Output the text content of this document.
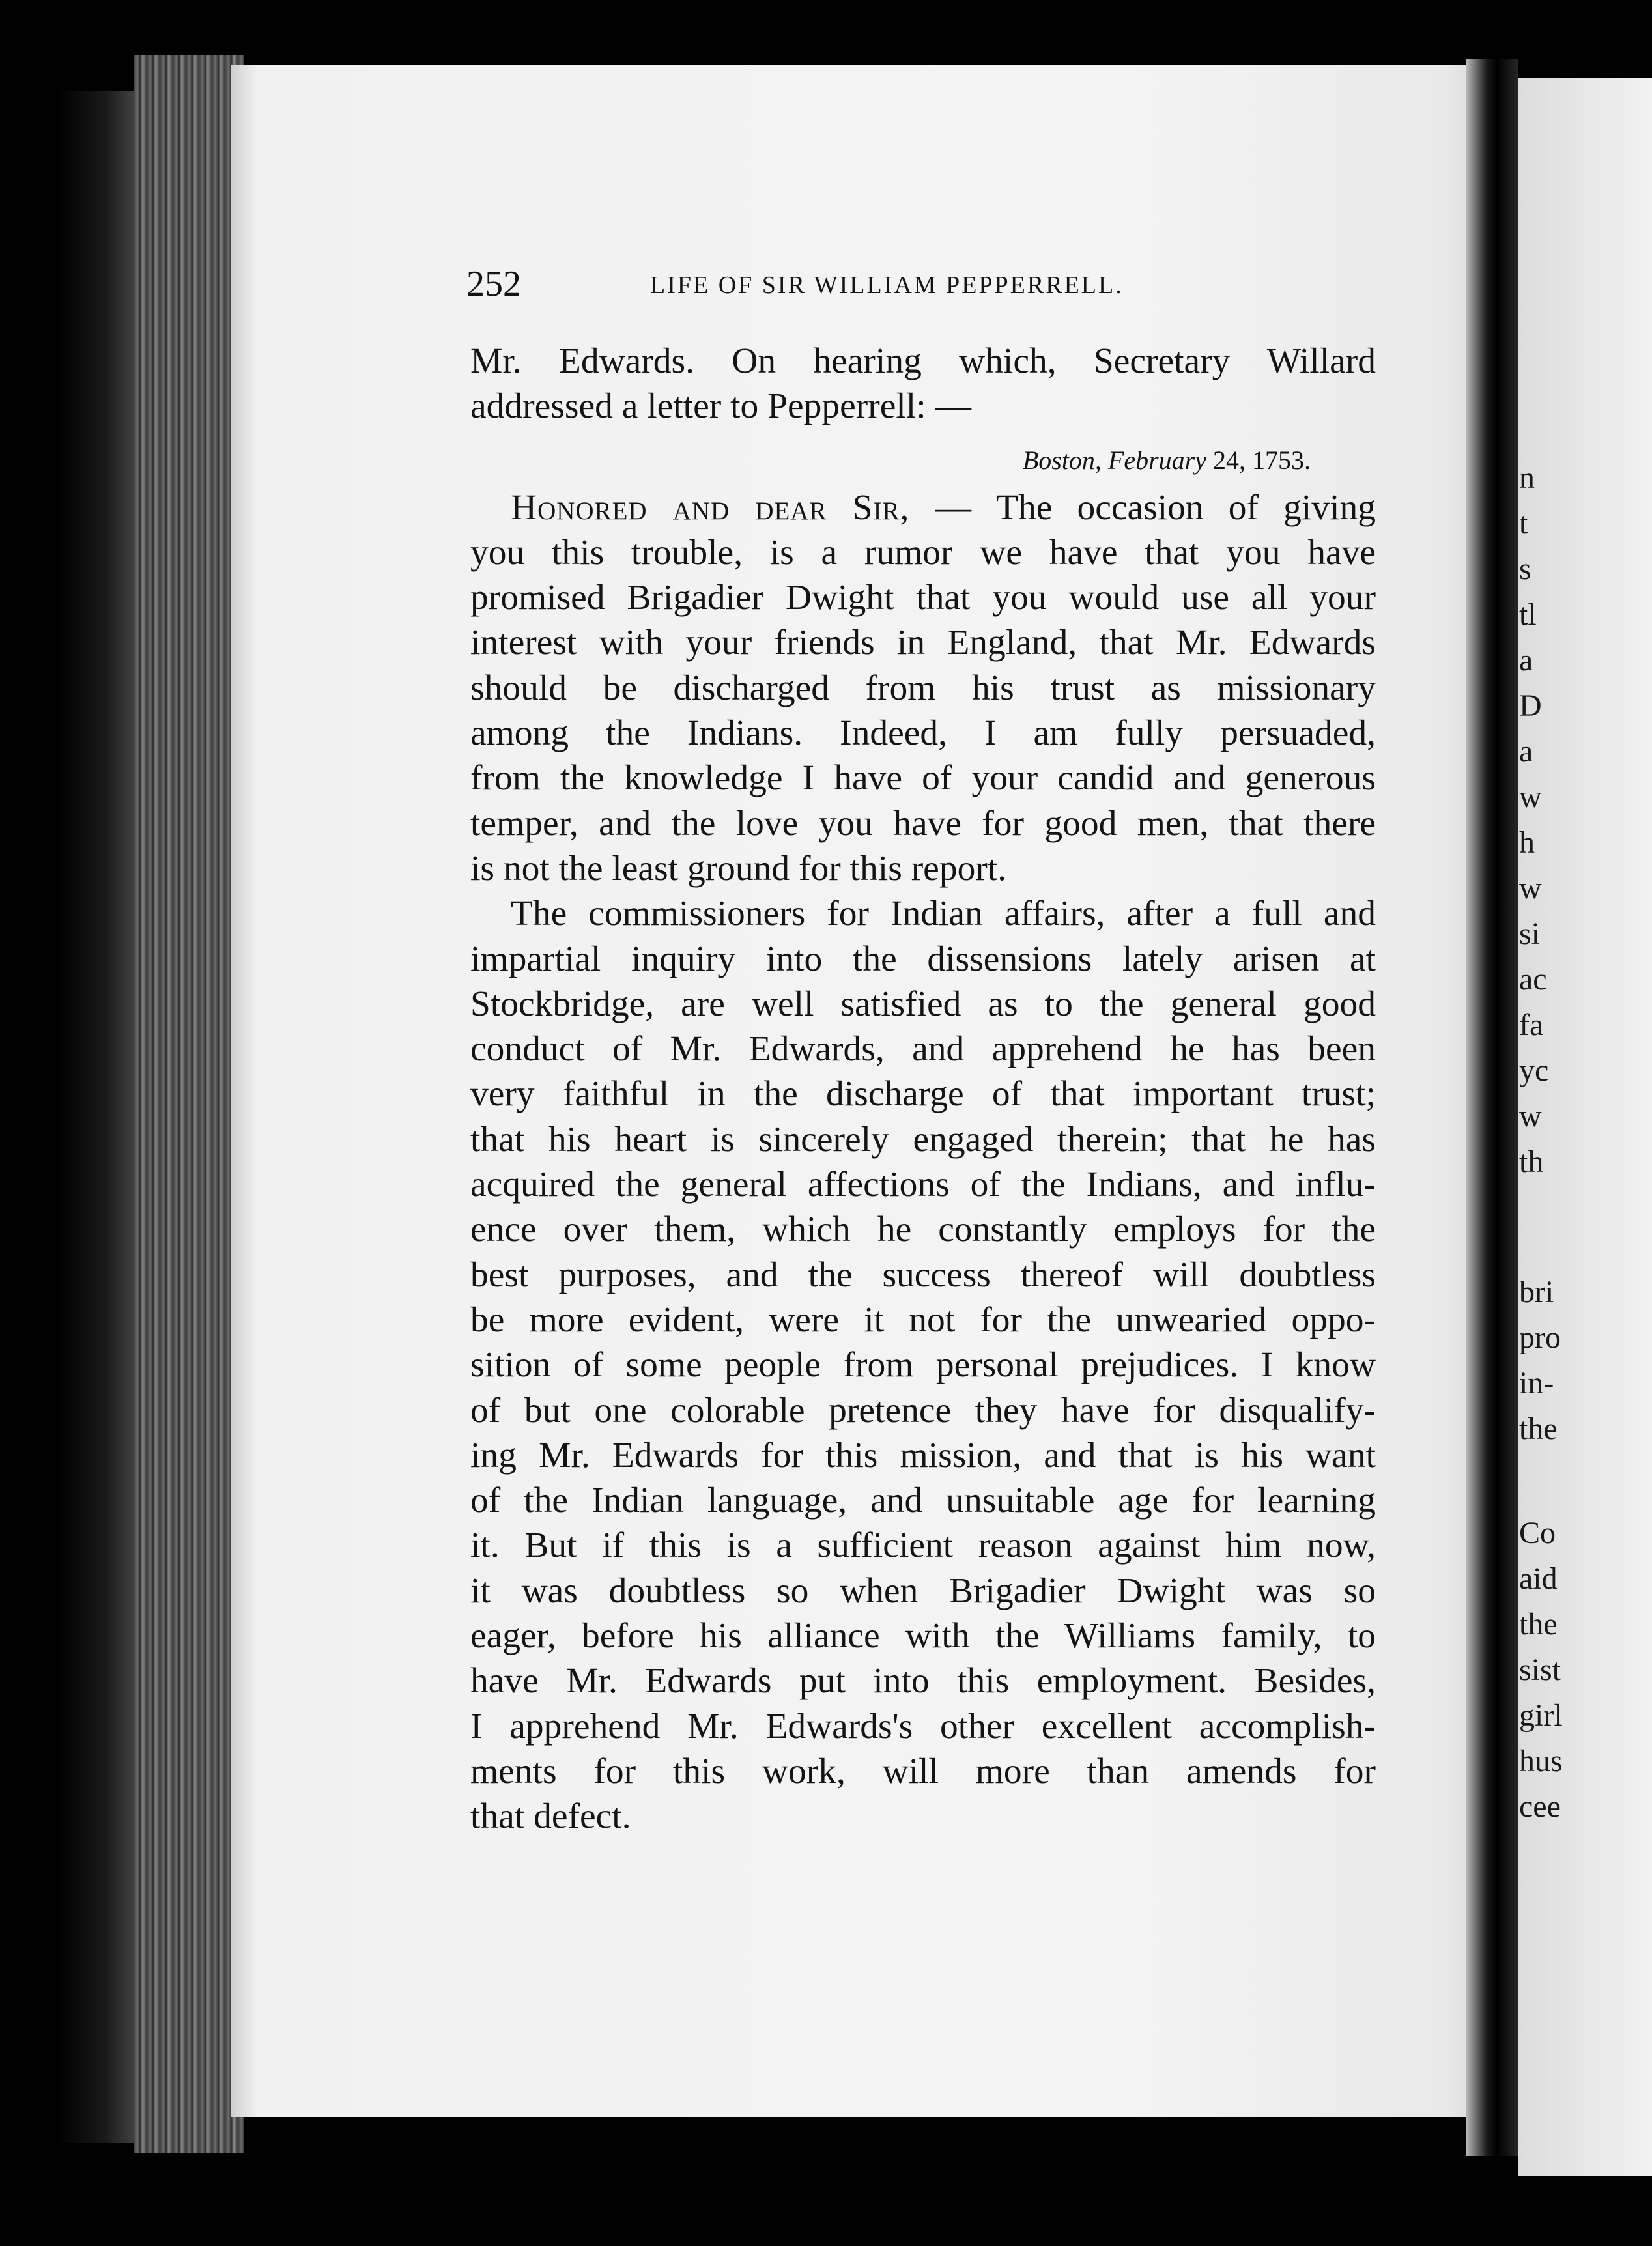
252	LIFE OF SIR WILLIAM PEPPERRELL.
Mr. Edwards. On hearing which, Secretary Willard
addressed a letter to Pepperrell: —
Boston, February 24, 1753.
Honored and dear Sir, — The occasion of giving
you this trouble, is a rumor we have that you have
promised Brigadier Dwight that you would use all your
interest with your friends in England, that Mr. Edwards
should be discharged from his trust as missionary
among the Indians. Indeed, I am fully persuaded,
from the knowledge I have of your candid and generous
temper, and the love you have for good men, that there
is not the least ground for this report.
The commissioners for Indian affairs, after a full and
impartial inquiry into the dissensions lately arisen at
Stockbridge, are well satisfied as to the general good
conduct of Mr. Edwards, and apprehend he has been
very faithful in the discharge of that important trust;
that his heart is sincerely engaged therein; that he has
acquired the general affections of the Indians, and influ-
ence over them, which he constantly employs for the
best purposes, and the success thereof will doubtless
be more evident, were it not for the unwearied oppo-
sition of some people from personal prejudices. I know
of but one colorable pretence they have for disqualify-
ing Mr. Edwards for this mission, and that is his want
of the Indian language, and unsuitable age for learning
it. But if this is a sufficient reason against him now,
it was doubtless so when Brigadier Dwight was so
eager, before his alliance with the Williams family, to
have Mr. Edwards put into this employment. Besides,
I apprehend Mr. Edwards's other excellent accomplish-
ments for this work, will more than amends for
that defect.
n
t
s
tl
a
D
a
w
h
w
si
ac
fa
yc
w
th
bri
pro
in-
the
Co
aid
the
sist
girl
hus
cee
